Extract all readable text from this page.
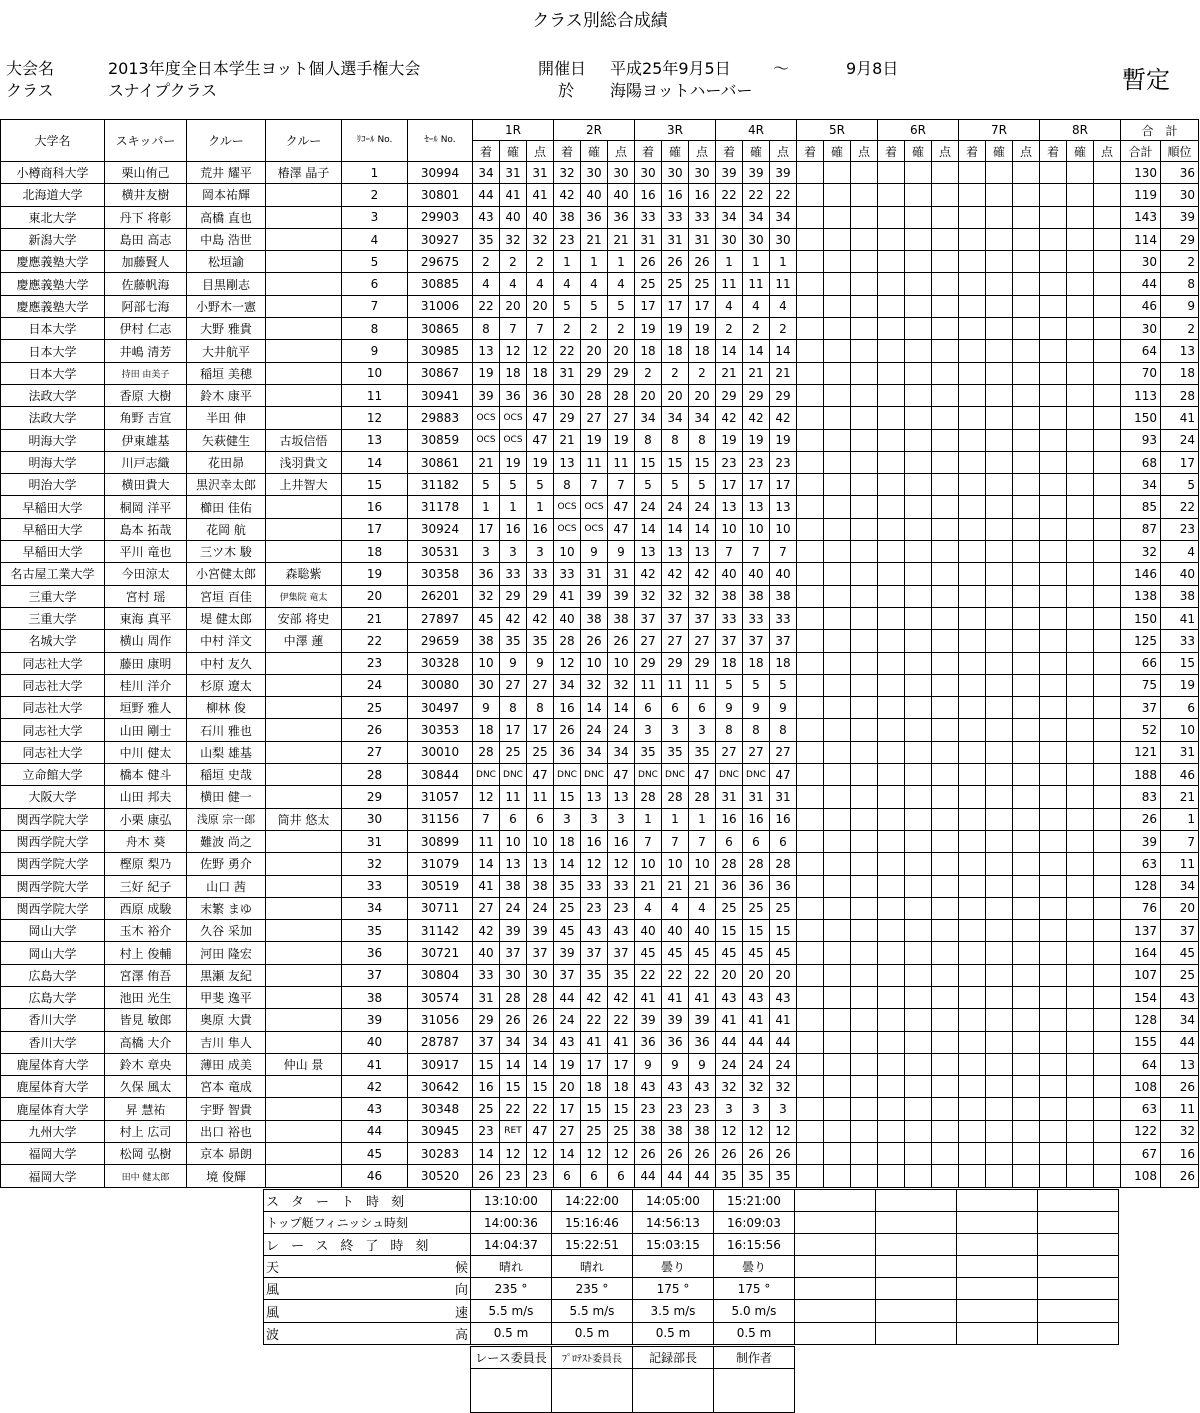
クラス別総合成績
大会名	2013年度全日本学生ヨット個人選手権大会
クラス	スナイプクラス
開催日 平成25年9月5日	～	9月8日
於 海陽ヨットハーバー	暫定
大学名	スキッパー	クルー	クルー	ﾘｺｰﾙ No.	ｾｰﾙ No.	1R			2R			3R			4R			5R			6R			7R			8R			合　計	
						着	確	点	着	確	点	着	確	点	着	確	点	着	確	点	着	確	点	着	確	点	着	確	点	合計	順位
小樽商科大学	栗山侑己	荒井 耀平	椿澤 晶子	1	30994	34	31	31	32	30	30	30	30	30	39	39	39													130	36
北海道大学	横井友樹	岡本祐輝		2	30801	44	41	41	42	40	40	16	16	16	22	22	22													119	30
東北大学	丹下 将彰	高橋 直也		3	29903	43	40	40	38	36	36	33	33	33	34	34	34													143	39
新潟大学	島田 高志	中島 浩世		4	30927	35	32	32	23	21	21	31	31	31	30	30	30													114	29
慶應義塾大学	加藤賢人	松垣諭		5	29675	2	2	2	1	1	1	26	26	26	1	1	1													30	2
慶應義塾大学	佐藤帆海	目黒剛志		6	30885	4	4	4	4	4	4	25	25	25	11	11	11													44	8
慶應義塾大学	阿部七海	小野木一憲		7	31006	22	20	20	5	5	5	17	17	17	4	4	4													46	9
日本大学	伊村 仁志	大野 雅貴		8	30865	8	7	7	2	2	2	19	19	19	2	2	2													30	2
日本大学	井嶋 清芳	大井航平		9	30985	13	12	12	22	20	20	18	18	18	14	14	14													64	13
日本大学	持田 由美子	稲垣 美穂		10	30867	19	18	18	31	29	29	2	2	2	21	21	21													70	18
法政大学	香原 大樹	鈴木 康平		11	30941	39	36	36	30	28	28	20	20	20	29	29	29													113	28
法政大学	角野 吉宣	半田 伸		12	29883	OCS	OCS	47	29	27	27	34	34	34	42	42	42													150	41
明海大学	伊東雄基	矢萩健生	古坂信悟	13	30859	OCS	OCS	47	21	19	19	8	8	8	19	19	19													93	24
明海大学	川戸志織	花田昴	浅羽貴文	14	30861	21	19	19	13	11	11	15	15	15	23	23	23													68	17
明治大学	横田貴大	黒沢幸太郎	上井智大	15	31182	5	5	5	8	7	7	5	5	5	17	17	17													34	5
早稲田大学	桐岡 洋平	櫛田 佳佑		16	31178	1	1	1	OCS	OCS	47	24	24	24	13	13	13													85	22
早稲田大学	島本 拓哉	花岡 航		17	30924	17	16	16	OCS	OCS	47	14	14	14	10	10	10													87	23
早稲田大学	平川 竜也	三ツ木 駿		18	30531	3	3	3	10	9	9	13	13	13	7	7	7													32	4
名古屋工業大学	今田涼太	小宮健太郎	森聡紫	19	30358	36	33	33	33	31	31	42	42	42	40	40	40													146	40
三重大学	宮村 瑶	宮垣 百佳	伊集院 竜太	20	26201	32	29	29	41	39	39	32	32	32	38	38	38													138	38
三重大学	東海 真平	堤 健太郎	安部 将史	21	27897	45	42	42	40	38	38	37	37	37	33	33	33													150	41
名城大学	横山 周作	中村 洋文	中澤 蓮	22	29659	38	35	35	28	26	26	27	27	27	37	37	37													125	33
同志社大学	藤田 康明	中村 友久		23	30328	10	9	9	12	10	10	29	29	29	18	18	18													66	15
同志社大学	桂川 洋介	杉原 遼太		24	30080	30	27	27	34	32	32	11	11	11	5	5	5													75	19
同志社大学	垣野 雅人	柳林 俊		25	30497	9	8	8	16	14	14	6	6	6	9	9	9													37	6
同志社大学	山田 剛士	石川 雅也		26	30353	18	17	17	26	24	24	3	3	3	8	8	8													52	10
同志社大学	中川 健太	山梨 雄基		27	30010	28	25	25	36	34	34	35	35	35	27	27	27													121	31
立命館大学	橋本 健斗	稲垣 史哉		28	30844	DNC	DNC	47	DNC	DNC	47	DNC	DNC	47	DNC	DNC	47													188	46
大阪大学	山田 邦夫	横田 健一		29	31057	12	11	11	15	13	13	28	28	28	31	31	31													83	21
関西学院大学	小栗 康弘	浅原 宗一郎	筒井 悠太	30	31156	7	6	6	3	3	3	1	1	1	16	16	16													26	1
関西学院大学	舟木 葵	難波 尚之		31	30899	11	10	10	18	16	16	7	7	7	6	6	6													39	7
関西学院大学	樫原 梨乃	佐野 勇介		32	31079	14	13	13	14	12	12	10	10	10	28	28	28													63	11
関西学院大学	三好 紀子	山口 茜		33	30519	41	38	38	35	33	33	21	21	21	36	36	36													128	34
関西学院大学	西原 成駿	末繁 まゆ		34	30711	27	24	24	25	23	23	4	4	4	25	25	25													76	20
岡山大学	玉木 裕介	久谷 采加		35	31142	42	39	39	45	43	43	40	40	40	15	15	15													137	37
岡山大学	村上 俊輔	河田 隆宏		36	30721	40	37	37	39	37	37	45	45	45	45	45	45													164	45
広島大学	宮澤 侑吾	黒瀬 友紀		37	30804	33	30	30	37	35	35	22	22	22	20	20	20													107	25
広島大学	池田 光生	甲斐 逸平		38	30574	31	28	28	44	42	42	41	41	41	43	43	43													154	43
香川大学	皆見 敏郎	奥原 大貴		39	31056	29	26	26	24	22	22	39	39	39	41	41	41													128	34
香川大学	高橋 大介	吉川 隼人		40	28787	37	34	34	43	41	41	36	36	36	44	44	44													155	44
鹿屋体育大学	鈴木 章央	薄田 成美	仲山 景	41	30917	15	14	14	19	17	17	9	9	9	24	24	24													64	13
鹿屋体育大学	久保 風太	宮本 竜成		42	30642	16	15	15	20	18	18	43	43	43	32	32	32													108	26
鹿屋体育大学	昇 慧祐	宇野 智貴		43	30348	25	22	22	17	15	15	23	23	23	3	3	3													63	11
九州大学	村上 広司	出口 裕也		44	30945	23	RET	47	27	25	25	38	38	38	12	12	12													122	32
福岡大学	松岡 弘樹	京本 昴朗		45	30283	14	12	12	14	12	12	26	26	26	26	26	26													67	16
福岡大学	田中 健太郎	境 俊輝		46	30520	26	23	23	6	6	6	44	44	44	35	35	35													108	26
スタート時刻	13:10:00	14:22:00	14:05:00	15:21:00				

トップ艇フィニッシュ時刻	14:00:36	15:16:46	14:56:13	16:09:03				

レース終了時刻	14:04:37	15:22:51	15:03:15	16:15:56				

天 候	晴れ	晴れ	曇り	曇り				

風 向	235 °	235 °	175 °	175 °				

風 速	5.5 m/s	5.5 m/s	3.5 m/s	5.0 m/s				

波 高	0.5 m	0.5 m	0.5 m	0.5 m				
レース委員長	ﾌﾟﾛﾃｽﾄ委員長	記録部長	制作者
